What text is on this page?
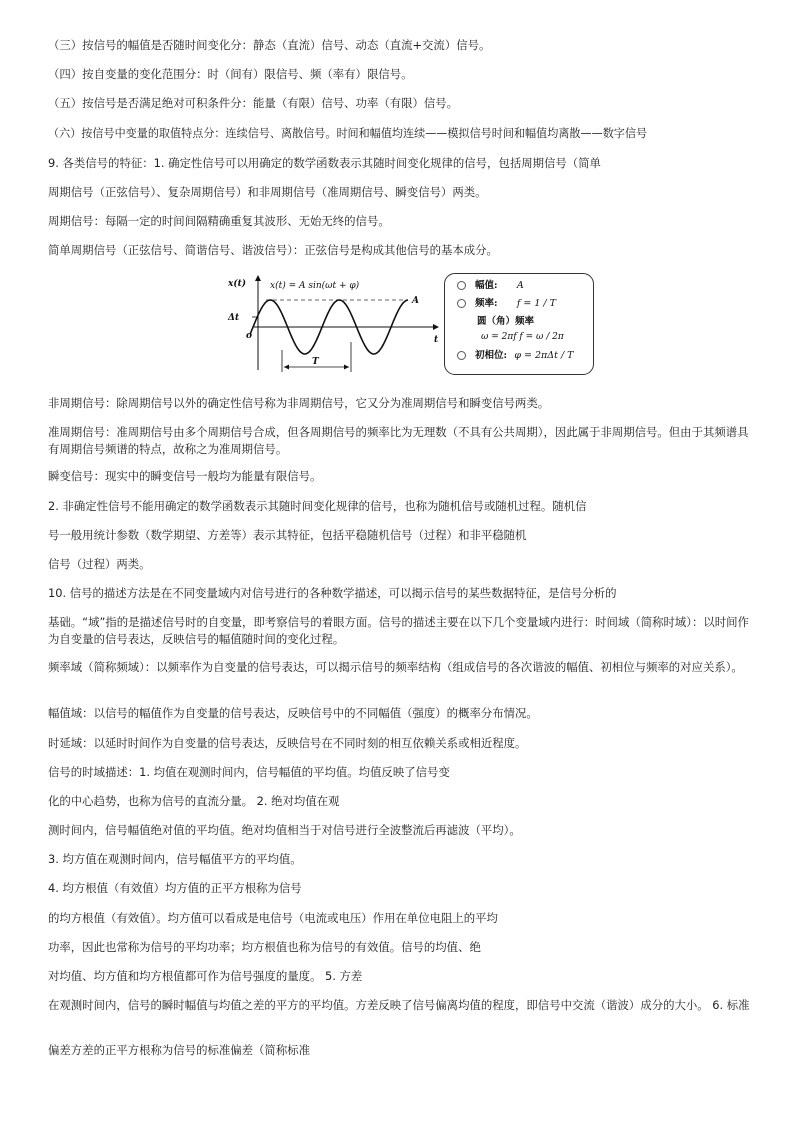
（三）按信号的幅值是否随时间变化分：静态（直流）信号、动态（直流+交流）信号。
（四）按自变量的变化范围分：时（间有）限信号、频（率有）限信号。
（五）按信号是否满足绝对可积条件分：能量（有限）信号、功率（有限）信号。
（六）按信号中变量的取值特点分：连续信号、离散信号。时间和幅值均连续——模拟信号时间和幅值均离散——数字信号
9. 各类信号的特征：1. 确定性信号可以用确定的数学函数表示其随时间变化规律的信号，包括周期信号（简单
周期信号（正弦信号）、复杂周期信号）和非周期信号（准周期信号、瞬变信号）两类。
周期信号：每隔一定的时间间隔精确重复其波形、无始无终的信号。
简单周期信号（正弦信号、简谐信号、谐波信号）：正弦信号是构成其他信号的基本成分。
x(t)
t
o
x(t) = A sin(ωt + φ)
A
Δt
T
幅值: A
频率: f = 1 / T
圆（角）频率
ω = 2πf f = ω / 2π
初相位: φ = 2πΔt / T
非周期信号：除周期信号以外的确定性信号称为非周期信号，它又分为准周期信号和瞬变信号两类。
准周期信号：准周期信号由多个周期信号合成，但各周期信号的频率比为无理数（不具有公共周期），因此属于非周期信号。但由于其频谱具有周期信号频谱的特点，故称之为准周期信号。
瞬变信号：现实中的瞬变信号一般均为能量有限信号。
2. 非确定性信号不能用确定的数学函数表示其随时间变化规律的信号，也称为随机信号或随机过程。随机信
号一般用统计参数（数学期望、方差等）表示其特征，包括平稳随机信号（过程）和非平稳随机
信号（过程）两类。
10. 信号的描述方法是在不同变量域内对信号进行的各种数学描述，可以揭示信号的某些数据特征，是信号分析的
基础。“域”指的是描述信号时的自变量，即考察信号的着眼方面。信号的描述主要在以下几个变量域内进行：时间域（简称时域）：以时间作为自变量的信号表达，反映信号的幅值随时间的变化过程。
频率域（简称频域）：以频率作为自变量的信号表达，可以揭示信号的频率结构（组成信号的各次谐波的幅值、初相位与频率的对应关系）。
幅值域：以信号的幅值作为自变量的信号表达，反映信号中的不同幅值（强度）的概率分布情况。
时延域：以延时时间作为自变量的信号表达，反映信号在不同时刻的相互依赖关系或相近程度。
信号的时域描述：1. 均值在观测时间内，信号幅值的平均值。均值反映了信号变
化的中心趋势，也称为信号的直流分量。 2. 绝对均值在观
测时间内，信号幅值绝对值的平均值。绝对均值相当于对信号进行全波整流后再滤波（平均）。
3. 均方值在观测时间内，信号幅值平方的平均值。
4. 均方根值（有效值）均方值的正平方根称为信号
的均方根值（有效值）。均方值可以看成是电信号（电流或电压）作用在单位电阻上的平均
功率，因此也常称为信号的平均功率；均方根值也称为信号的有效值。信号的均值、绝
对均值、均方值和均方根值都可作为信号强度的量度。 5. 方差
在观测时间内，信号的瞬时幅值与均值之差的平方的平均值。方差反映了信号偏离均值的程度，即信号中交流（谐波）成分的大小。 6. 标准
偏差方差的正平方根称为信号的标准偏差（简称标准
